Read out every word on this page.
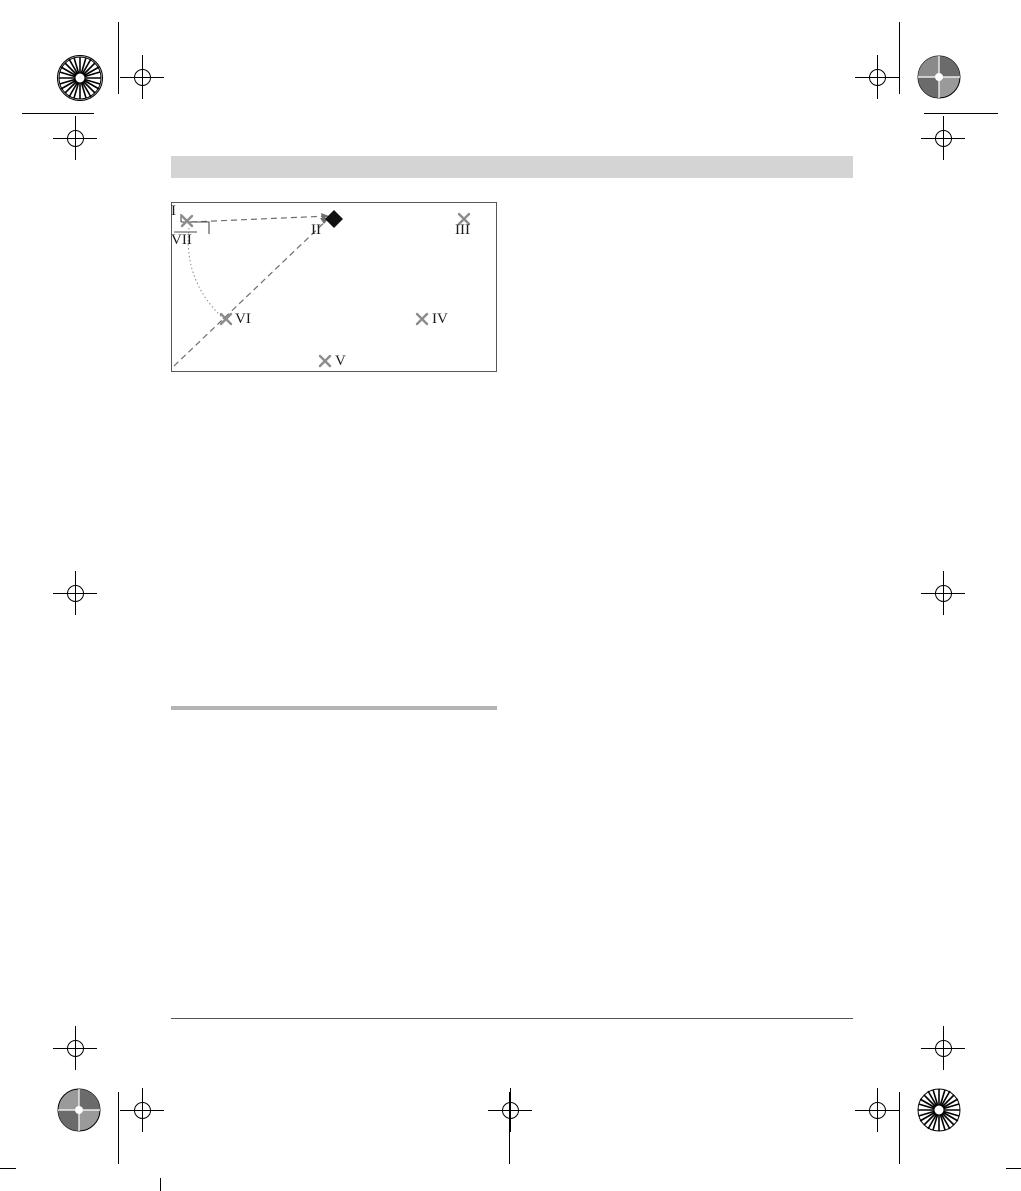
I
II	III
IV
V
VI
VII
